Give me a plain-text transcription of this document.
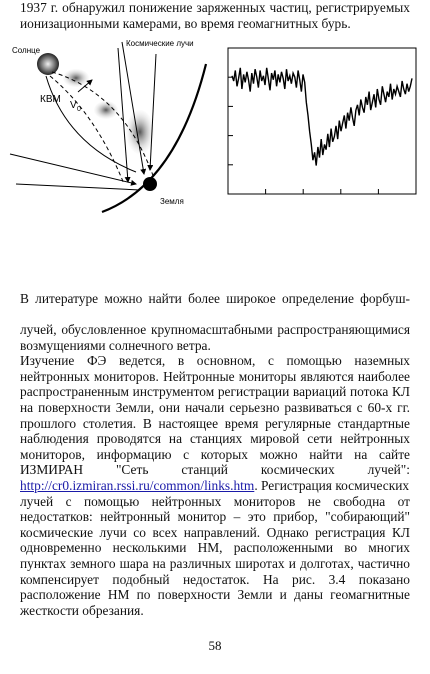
1937 г. обнаружил понижение заряженных частиц, регистрируемых
ионизационными камерами, во время геомагнитных бурь.
Солнце
Космические лучи
Земля
КВМ
V 0
В литературе можно найти более широкое определение форбуш-
лучей, обусловленное крупномасштабными распространяющимися
возмущениями солнечного ветра.
Изучение ФЭ ведется, в основном, с помощью наземных
нейтронных мониторов. Нейтронные мониторы являются наиболее
распространенным инструментом регистрации вариаций потока КЛ
на поверхности Земли, они начали серьезно развиваться с 60-х гг.
прошлого столетия. В настоящее время регулярные стандартные
наблюдения проводятся на станциях мировой сети нейтронных
мониторов, информацию с которых можно найти на сайте
ИЗМИРАН "Сеть станций космических лучей":
http://cr0.izmiran.rssi.ru/common/links.htm. Регистрация космических
лучей с помощью нейтронных мониторов не свободна от
недостатков: нейтронный монитор – это прибор, "собирающий"
космические лучи со всех направлений. Однако регистрация КЛ
одновременно несколькими НМ, расположенными во многих
пунктах земного шара на различных широтах и долготах, частично
компенсирует подобный недостаток. На рис. 3.4 показано
расположение НМ по поверхности Земли и даны геомагнитные
жесткости обрезания.
58
